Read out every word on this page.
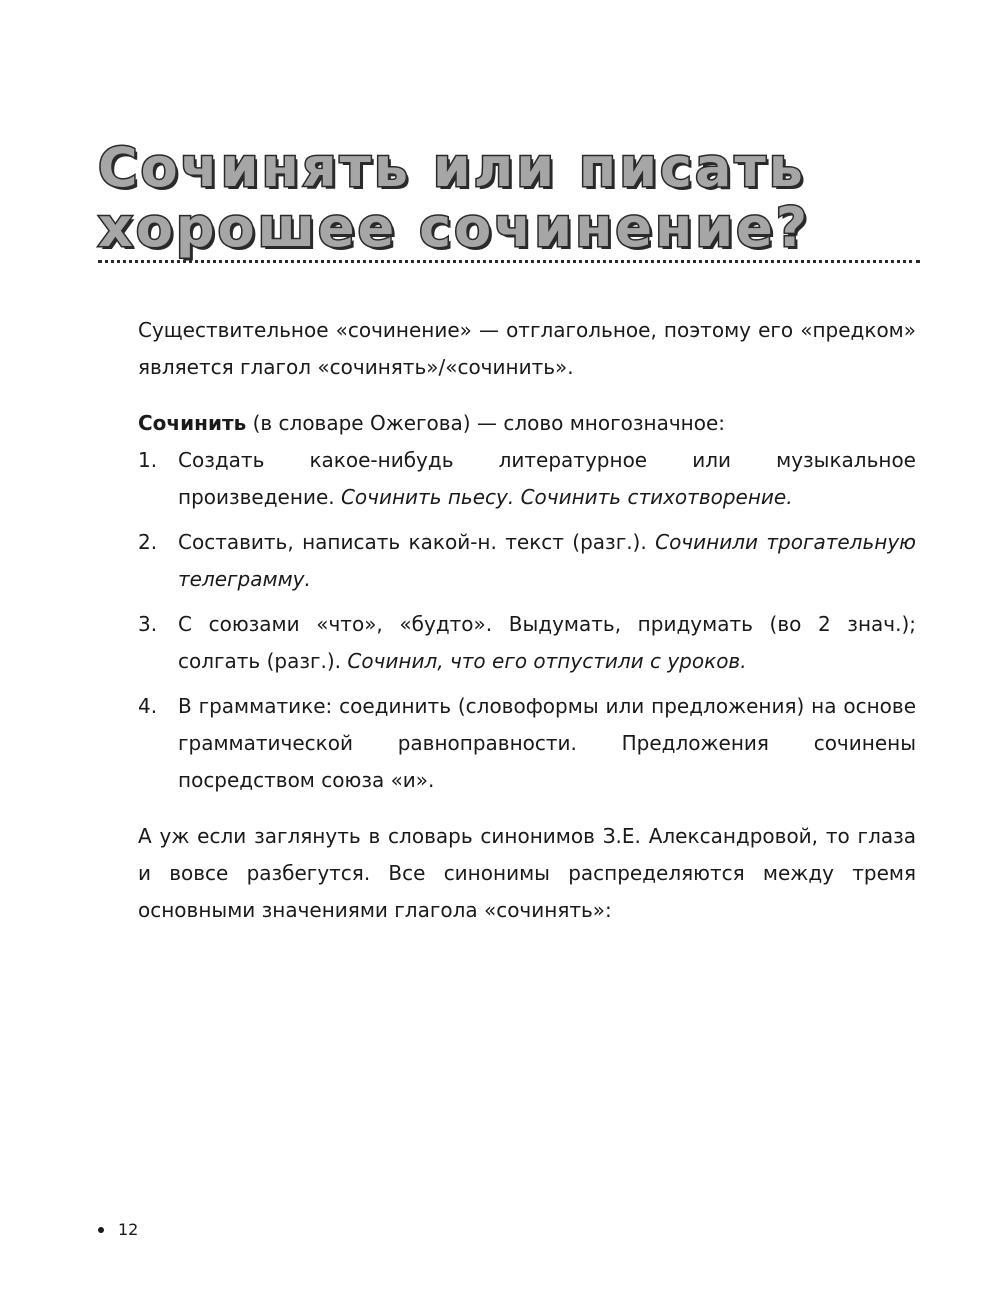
Сочинять или писать
хорошее сочинение?

Существительное «сочинение» — отглагольное, поэтому его «предком» является глагол «сочинять»/«сочинить».

Сочинить (в словаре Ожегова) — слово многозначное:

1. Создать какое-нибудь литературное или музыкальное произведение. Сочинить пьесу. Сочинить стихотворение.
2. Составить, написать какой-н. текст (разг.). Сочинили трогательную телеграмму.
3. С союзами «что», «будто». Выдумать, придумать (во 2 знач.); солгать (разг.). Сочинил, что его отпустили с уроков.
4. В грамматике: соединить (словоформы или предложения) на основе грамматической равноправности. Предложения сочинены посредством союза «и».

А уж если заглянуть в словарь синонимов З.Е. Александровой, то глаза и вовсе разбегутся. Все синонимы распределяются между тремя основными значениями глагола «сочинять»:

12
